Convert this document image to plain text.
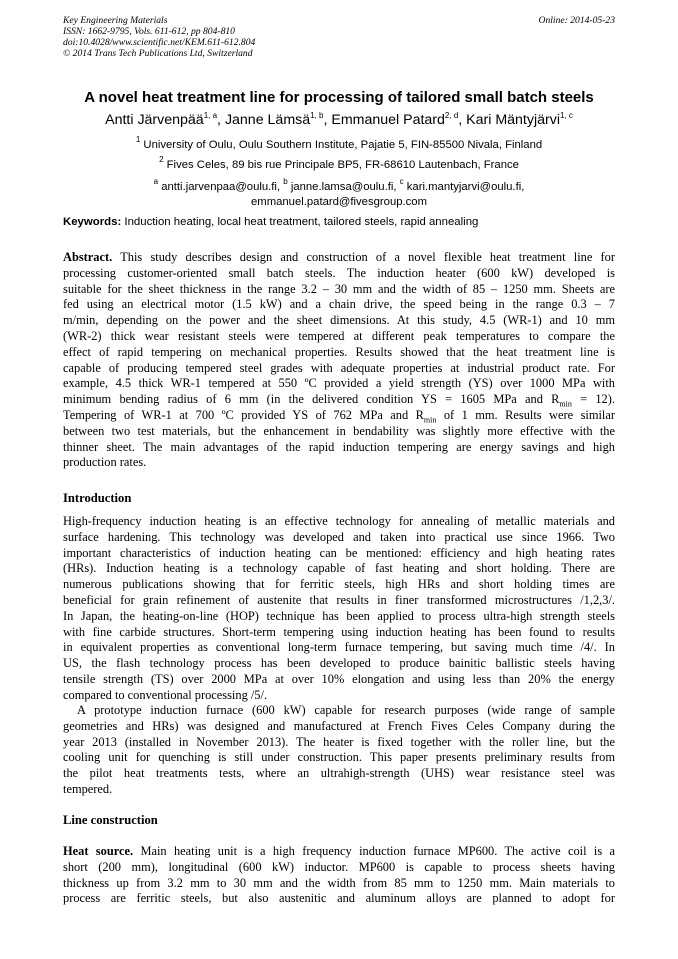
Key Engineering Materials
ISSN: 1662-9795, Vols. 611-612, pp 804-810
doi:10.4028/www.scientific.net/KEM.611-612.804
© 2014 Trans Tech Publications Ltd, Switzerland
Online: 2014-05-23
A novel heat treatment line for processing of tailored small batch steels
Antti Järvenpää$^{1, a}$, Janne Lämsä$^{1, b}$, Emmanuel Patard$^{2, d}$, Kari Mäntyjärvi$^{1, c}$
$^1$ University of Oulu, Oulu Southern Institute, Pajatie 5, FIN-85500 Nivala, Finland
$^2$ Fives Celes, 89 bis rue Principale BP5, FR-68610 Lautenbach, France
$^a$ antti.jarvenpaa@oulu.fi, $^b$ janne.lamsa@oulu.fi, $^c$ kari.mantyjarvi@oulu.fi,
emmanuel.patard@fivesgroup.com
Keywords: Induction heating, local heat treatment, tailored steels, rapid annealing
Abstract. This study describes design and construction of a novel flexible heat treatment line for
processing customer-oriented small batch steels. The induction heater (600 kW) developed is
suitable for the sheet thickness in the range 3.2 – 30 mm and the width of 85 – 1250 mm. Sheets are
fed using an electrical motor (1.5 kW) and a chain drive, the speed being in the range 0.3 – 7
m/min, depending on the power and the sheet dimensions. At this study, 4.5 (WR-1) and 10 mm
(WR-2) thick wear resistant steels were tempered at different peak temperatures to compare the
effect of rapid tempering on mechanical properties. Results showed that the heat treatment line is
capable of producing tempered steel grades with adequate properties at industrial product rate. For
example, 4.5 thick WR-1 tempered at 550 ºC provided a yield strength (YS) over 1000 MPa with
minimum bending radius of 6 mm (in the delivered condition YS = 1605 MPa and $R_{min} = 12$).
Tempering of WR-1 at 700 ºC provided YS of 762 MPa and $R_{min}$ of 1 mm. Results were similar
between two test materials, but the enhancement in bendability was slightly more effective with the
thinner sheet. The main advantages of the rapid induction tempering are energy savings and high
production rates.
Introduction
High-frequency induction heating is an effective technology for annealing of metallic materials and
surface hardening. This technology was developed and taken into practical use since 1966. Two
important characteristics of induction heating can be mentioned: efficiency and high heating rates
(HRs). Induction heating is a technology capable of fast heating and short holding. There are
numerous publications showing that for ferritic steels, high HRs and short holding times are
beneficial for grain refinement of austenite that results in finer transformed microstructures /1,2,3/.
In Japan, the heating-on-line (HOP) technique has been applied to process ultra-high strength steels
with fine carbide structures. Short-term tempering using induction heating has been found to results
in equivalent properties as conventional long-term furnace tempering, but saving much time /4/. In
US, the flash technology process has been developed to produce bainitic ballistic steels having
tensile strength (TS) over 2000 MPa at over 10% elongation and using less than 20% the energy
compared to conventional processing /5/.
A prototype induction furnace (600 kW) capable for research purposes (wide range of sample
geometries and HRs) was designed and manufactured at French Fives Celes Company during the
year 2013 (installed in November 2013). The heater is fixed together with the roller line, but the
cooling unit for quenching is still under construction. This paper presents preliminary results from
the pilot heat treatments tests, where an ultrahigh-strength (UHS) wear resistance steel was
tempered.
Line construction
Heat source. Main heating unit is a high frequency induction furnace MP600. The active coil is a
short (200 mm), longitudinal (600 kW) inductor. MP600 is capable to process sheets having
thickness up from 3.2 mm to 30 mm and the width from 85 mm to 1250 mm. Main materials to
process are ferritic steels, but also austenitic and aluminum alloys are planned to adopt for
